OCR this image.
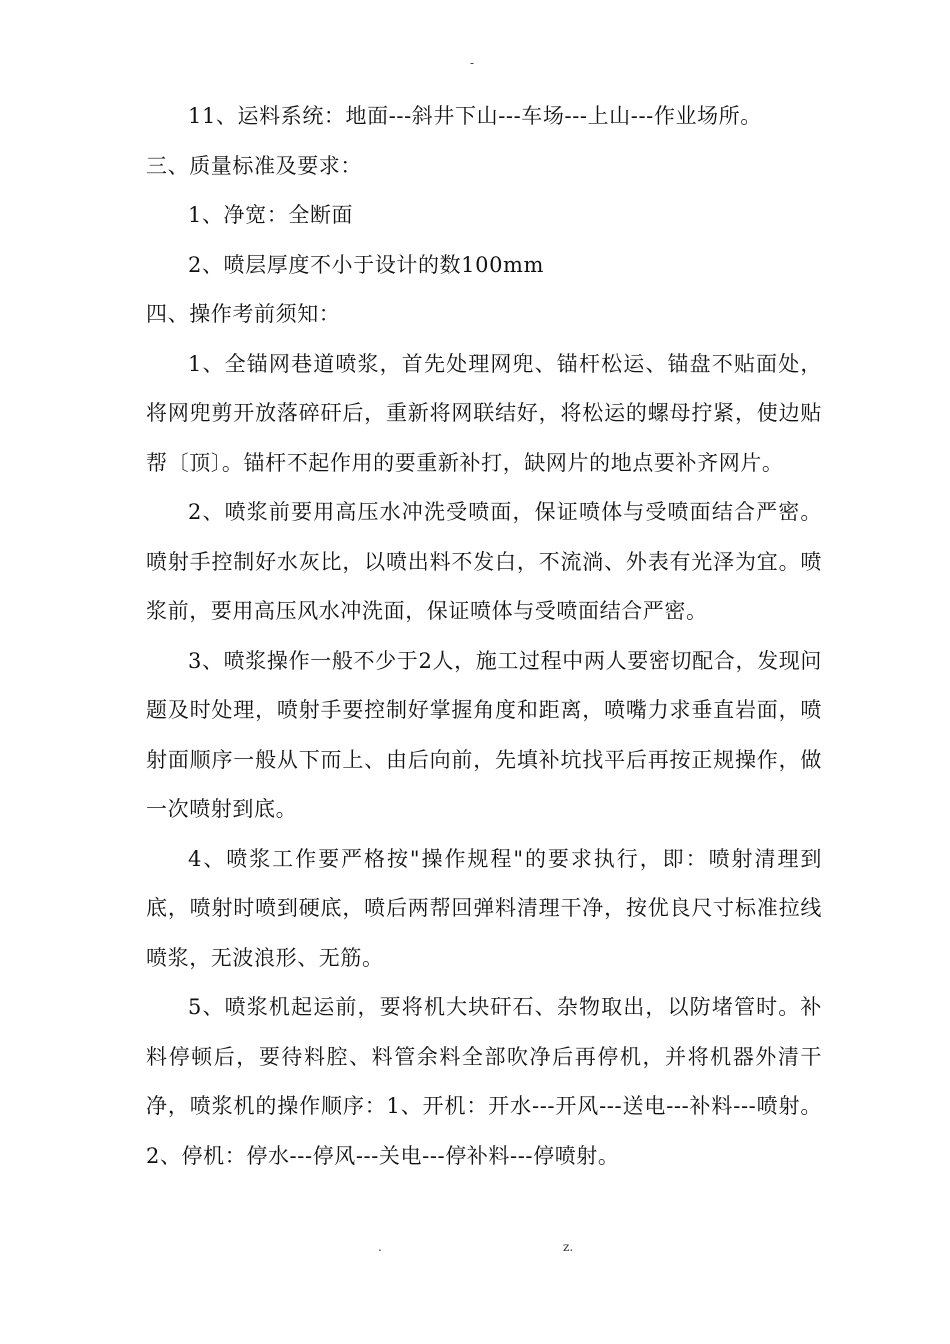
-

11、运料系统：地面---斜井下山---车场---上山---作业场所。

三、质量标准及要求：

1、净宽：全断面

2、喷层厚度不小于设计的数100mm

四、操作考前须知：

1、全锚网巷道喷浆，首先处理网兜、锚杆松运、锚盘不贴面处，将网兜剪开放落碎矸后，重新将网联结好，将松运的螺母拧紧，使边贴帮〔顶〕。锚杆不起作用的要重新补打，缺网片的地点要补齐网片。

2、喷浆前要用高压水冲洗受喷面，保证喷体与受喷面结合严密。喷射手控制好水灰比，以喷出料不发白，不流淌、外表有光泽为宜。喷浆前，要用高压风水冲洗面，保证喷体与受喷面结合严密。

3、喷浆操作一般不少于2人，施工过程中两人要密切配合，发现问题及时处理，喷射手要控制好掌握角度和距离，喷嘴力求垂直岩面，喷射面顺序一般从下而上、由后向前，先填补坑找平后再按正规操作，做一次喷射到底。

4、喷浆工作要严格按"操作规程"的要求执行，即：喷射清理到底，喷射时喷到硬底，喷后两帮回弹料清理干净，按优良尺寸标准拉线喷浆，无波浪形、无筋。

5、喷浆机起运前，要将机大块矸石、杂物取出，以防堵管时。补料停顿后，要待料腔、料管余料全部吹净后再停机，并将机器外清干净，喷浆机的操作顺序：1、开机：开水---开风---送电---补料---喷射。2、停机：停水---停风---关电---停补料---停喷射。

.	z.
